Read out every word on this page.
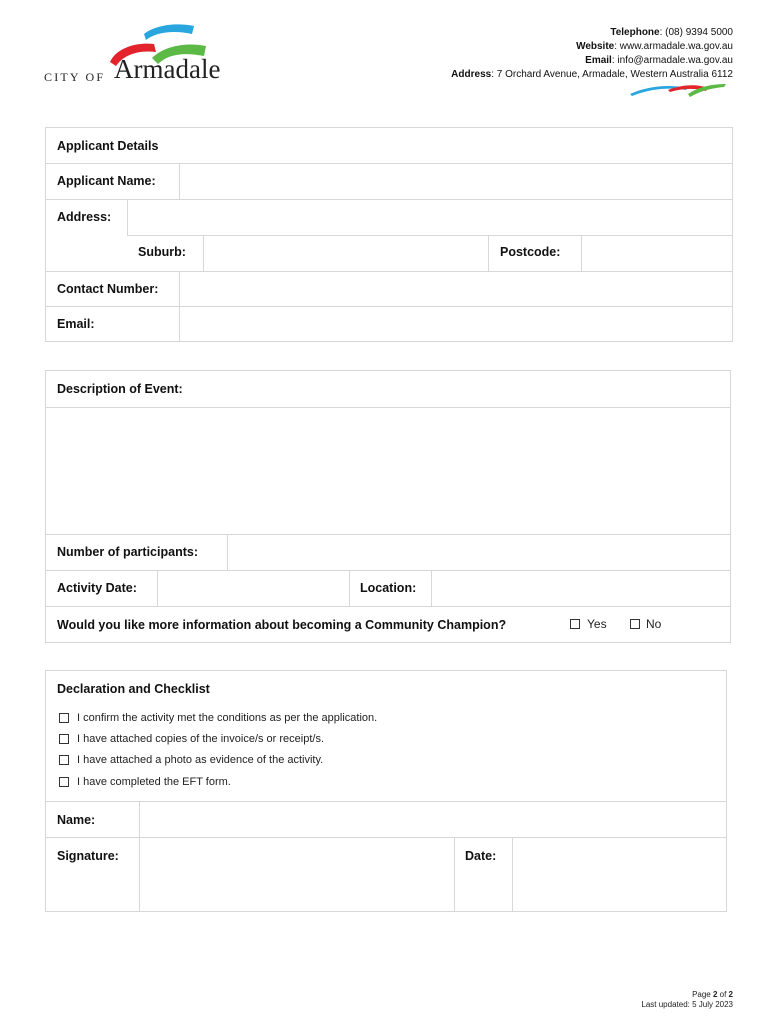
CITY OF Armadale
Telephone: (08) 9394 5000
Website: www.armadale.wa.gov.au
Email: info@armadale.wa.gov.au
Address: 7 Orchard Avenue, Armadale, Western Australia 6112
Applicant Details
Applicant Name:
Address:
Suburb:	Postcode:
Contact Number:
Email:
Description of Event:
Number of participants:
Activity Date:	Location:
Would you like more information about becoming a Community Champion?	Yes	No
Declaration and Checklist
I confirm the activity met the conditions as per the application.
I have attached copies of the invoice/s or receipt/s.
I have attached a photo as evidence of the activity.
I have completed the EFT form.
Name:
Signature:	Date:
Page 2 of 2
Last updated: 5 July 2023
